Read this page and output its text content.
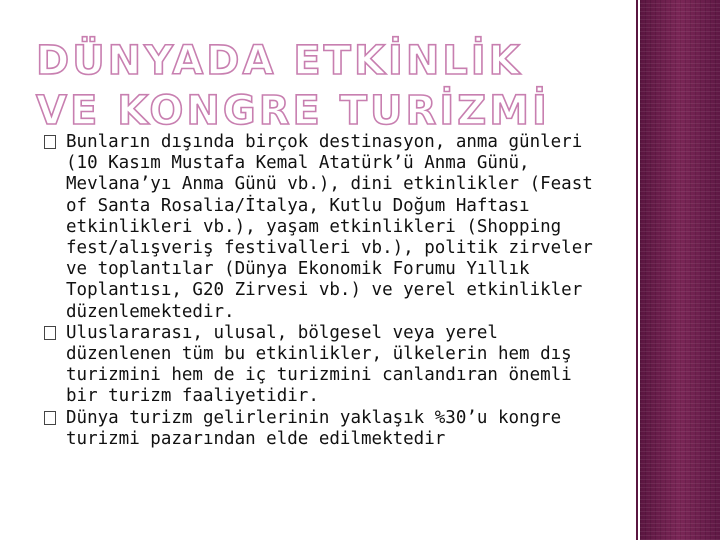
DÜNYADA ETKİNLİK VE KONGRE TURİZMİ
Bunların dışında birçok destinasyon, anma günleri (10 Kasım Mustafa Kemal Atatürk’ü Anma Günü, Mevlana’yı Anma Günü vb.), dini etkinlikler (Feast of Santa Rosalia/İtalya, Kutlu Doğum Haftası etkinlikleri vb.), yaşam etkinlikleri (Shopping fest/alışveriş festivalleri vb.), politik zirveler ve toplantılar (Dünya Ekonomik Forumu Yıllık Toplantısı, G20 Zirvesi vb.) ve yerel etkinlikler düzenlemektedir.
Uluslararası, ulusal, bölgesel veya yerel düzenlenen tüm bu etkinlikler, ülkelerin hem dış turizmini hem de iç turizmini canlandıran önemli bir turizm faaliyetidir.
Dünya turizm gelirlerinin yaklaşık %30’u kongre turizmi pazarından elde edilmektedir
